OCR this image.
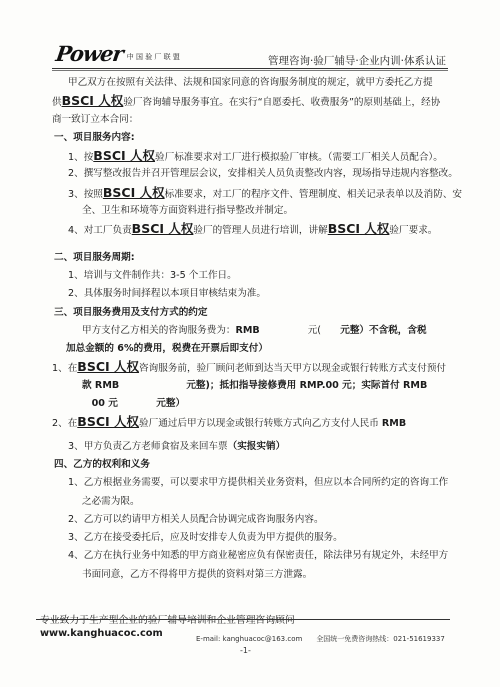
Power 中 国 验 厂 联 盟	管理咨询·验厂辅导·企业内训·体系认证
甲乙双方在按照有关法律、法规和国家同意的咨询服务制度的规定，就甲方委托乙方提
供BSCI 人权验厂咨询辅导服务事宜。在实行“自愿委托、收费服务”的原则基础上，经协
商一致订立本合同：
一、项目服务内容:
1、按BSCI 人权验厂标准要求对工厂进行模拟验厂审核。（需要工厂相关人员配合）。
2、撰写整改报告并召开管理层会议，安排相关人员负责整改内容，现场指导违规内容整改。
3、按照BSCI 人权标准要求，对工厂的程序文件、管理制度、相关记录表单以及消防、安
全、卫生和环境等方面资料进行指导整改并制定。
4、对工厂负责BSCI 人权验厂的管理人员进行培训，讲解BSCI 人权验厂要求。
二、项目服务周期:
1、培训与文件制作共：3-5 个工作日。
2、具体服务时间择程以本项目审核结束为准。
三、项目服务费用及支付方式的约定
甲方支付乙方相关的咨询服务费为：RMB　　　　　	元(　　 元整）不含税，含税
加总金额的 6%的费用，税费在开票后即支付）
1、在BSCI 人权咨询服务前，验厂顾问老师到达当天甲方以现金或银行转账方式支付预付
款 RMB　　　　　　　	元整)；抵扣指导接修费用 RMP.00 元；实际首付 RMB
　00 元　　　　	元整）
2、在BSCI 人权验厂通过后甲方以现金或银行转账方式向乙方支付人民币 RMB
3、甲方负责乙方老师食宿及来回车票（实报实销）
四、乙方的权利和义务
1、乙方根据业务需要，可以要求甲方提供相关业务资料，但应以本合同所约定的咨询工作
之必需为限。
2、乙方可以约请甲方相关人员配合协调完成咨询服务内容。
3、乙方在接受委托后，应及时安排专人负责为甲方提供的服务。
4、乙方在执行业务中知悉的甲方商业秘密应负有保密责任，除法律另有规定外，未经甲方
书面同意，乙方不得将甲方提供的资料对第三方泄露。
专业致力于生产型企业的验厂辅导培训和企业管理咨询顾问
www.kanghuacoc.com	E-mail: kanghuacoc@163.com 全国统一免费咨询热线：021-51619337
-1-
